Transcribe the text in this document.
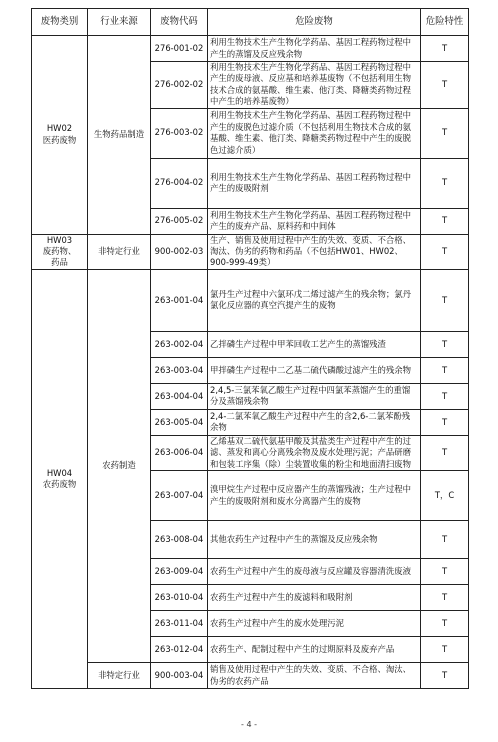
废物类别	行业来源	废物代码	危险废物	危险特性
HW02
医药废物	生物药品制造	276-001-02	利用生物技术生产生物化学药品、基因工程药物过程中产生的蒸馏及反应残余物	T
		276-002-02	利用生物技术生产生物化学药品、基因工程药物过程中产生的废母液、反应基和培养基废物（不包括利用生物技术合成的氨基酸、维生素、他汀类、降糖类药物过程中产生的培养基废物）	T
		276-003-02	利用生物技术生产生物化学药品、基因工程药物过程中产生的废脱色过滤介质（不包括利用生物技术合成的氨基酸、维生素、他汀类、降糖类药物过程中产生的废脱色过滤介质）	T
		276-004-02	利用生物技术生产生物化学药品、基因工程药物过程中产生的废吸附剂	T
		276-005-02	利用生物技术生产生物化学药品、基因工程药物过程中产生的废弃产品、原料药和中间体	T
HW03
废药物、
药品	非特定行业	900-002-03	生产、销售及使用过程中产生的失效、变质、不合格、淘汰、伪劣的药物和药品（不包括HW01、HW02、900-999-49类）	T
HW04
农药废物	农药制造	263-001-04	氯丹生产过程中六氯环戊二烯过滤产生的残余物；氯丹氯化反应器的真空汽提产生的废物	T
		263-002-04	乙拌磷生产过程中甲苯回收工艺产生的蒸馏残渣	T
		263-003-04	甲拌磷生产过程中二乙基二硫代磷酸过滤产生的残余物	T
		263-004-04	2,4,5-三氯苯氧乙酸生产过程中四氯苯蒸馏产生的重馏分及蒸馏残余物	T
		263-005-04	2,4-二氯苯氧乙酸生产过程中产生的含2,6-二氯苯酚残余物	T
		263-006-04	乙烯基双二硫代氨基甲酸及其盐类生产过程中产生的过滤、蒸发和离心分离残余物及废水处理污泥；产品研磨和包装工序集（除）尘装置收集的粉尘和地面清扫废物	T
		263-007-04	溴甲烷生产过程中反应器产生的蒸馏残液；生产过程中产生的废吸附剂和废水分离器产生的废物	T，C
		263-008-04	其他农药生产过程中产生的蒸馏及反应残余物	T
		263-009-04	农药生产过程中产生的废母液与反应罐及容器清洗废液	T
		263-010-04	农药生产过程中产生的废滤料和吸附剂	T
		263-011-04	农药生产过程中产生的废水处理污泥	T
		263-012-04	农药生产、配制过程中产生的过期原料及废弃产品	T
	非特定行业	900-003-04	销售及使用过程中产生的失效、变质、不合格、淘汰、伪劣的农药产品	T
- 4 -
